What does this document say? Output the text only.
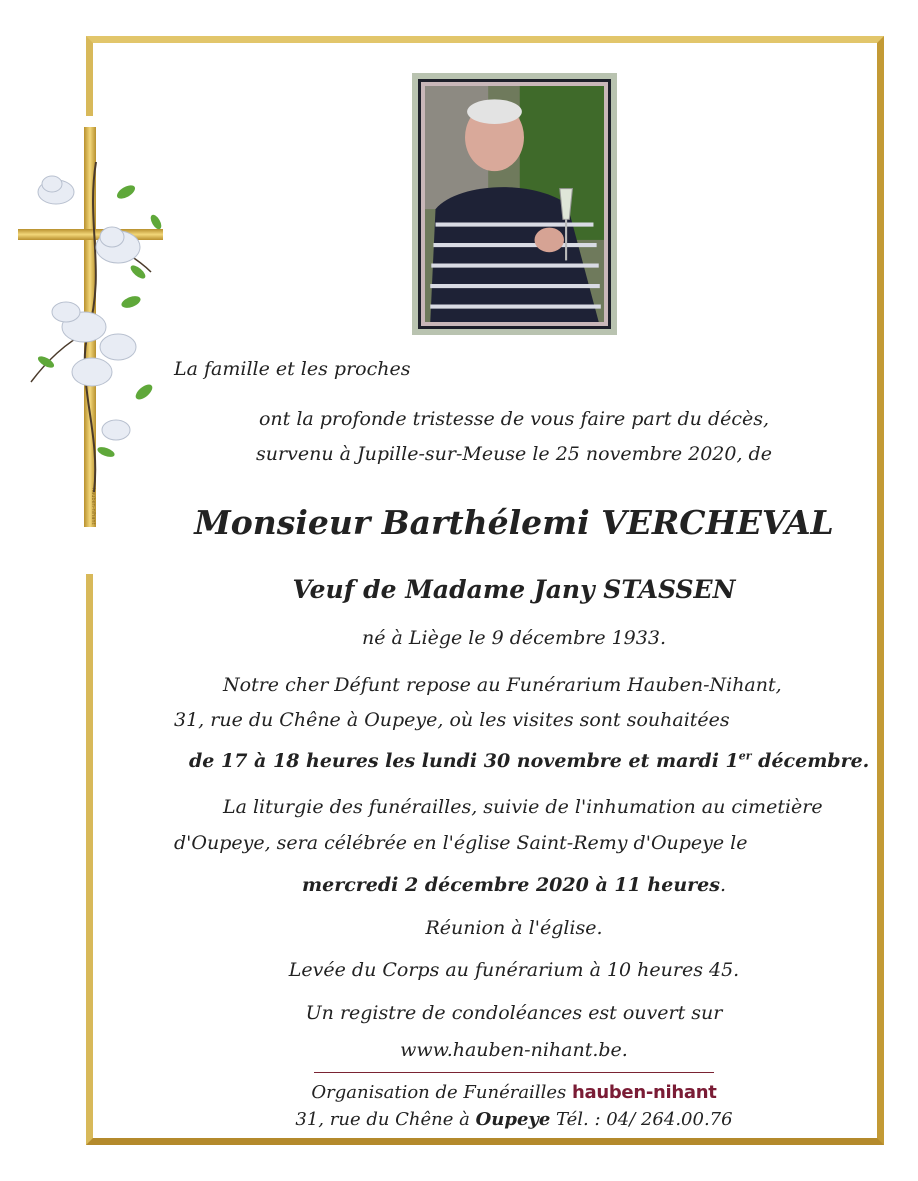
hauben-nihant
La famille et les proches
ont la profonde tristesse de vous faire part du décès,
survenu à Jupille-sur-Meuse le 25 novembre 2020, de
Monsieur Barthélemi VERCHEVAL
Veuf de Madame Jany STASSEN
né à Liège le 9 décembre 1933.
Notre cher Défunt repose au Funérarium Hauben-Nihant,
31, rue du Chêne à Oupeye, où les visites sont souhaitées
de 17 à 18 heures les lundi 30 novembre et mardi 1er décembre.
La liturgie des funérailles, suivie de l'inhumation au cimetière
d'Oupeye, sera célébrée en l'église Saint-Remy d'Oupeye le
mercredi 2 décembre 2020 à 11 heures.
Réunion à l'église.
Levée du Corps au funérarium à 10 heures 45.
Un registre de condoléances est ouvert sur
www.hauben-nihant.be.
Organisation de Funérailles hauben-nihant
31, rue du Chêne à Oupeye Tél. : 04/ 264.00.76
